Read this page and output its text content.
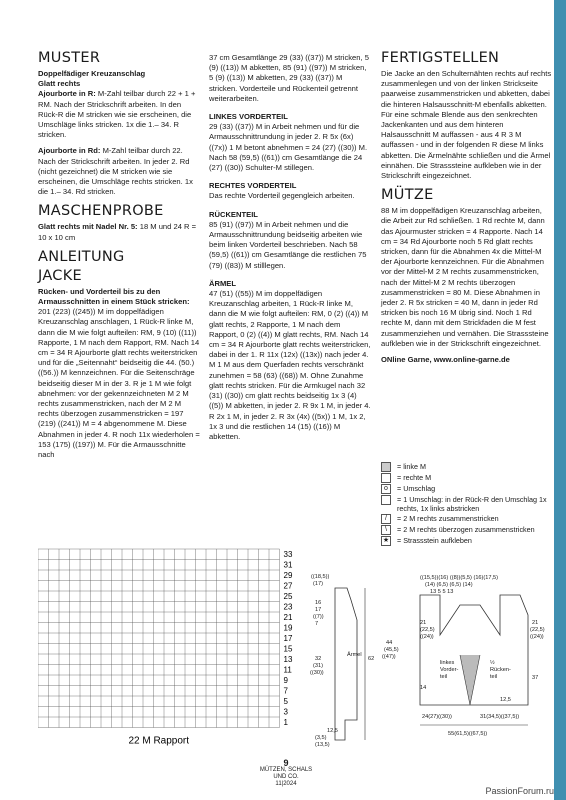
MUSTER
Doppelfädiger Kreuzanschlag
Glatt rechts

Ajourborte in R: M-Zahl teilbar durch 22 + 1 + RM. Nach der Strickschrift arbeiten. In den Rück-R die M stricken wie sie erscheinen, die Umschläge links stricken. 1x die 1.– 34. R stricken.

Ajourborte in Rd: M-Zahl teilbar durch 22. Nach der Strickschrift arbeiten. In jeder 2. Rd (nicht gezeichnet) die M stricken wie sie erscheinen, die Umschläge rechts stricken. 1x die 1.– 34. Rd stricken.

MASCHENPROBE

Glatt rechts mit Nadel Nr. 5: 18 M und 24 R = 10 x 10 cm

ANLEITUNG
JACKE
Rücken- und Vorderteil bis zu den Armausschnitten in einem Stück stricken:

201 (223) ((245)) M im doppelfädigen Kreuzanschlag anschlagen, 1 Rück-R linke M, dann die M wie folgt aufteilen: RM, 9 (10) ((11)) Rapporte, 1 M nach dem Rapport, RM. Nach 14 cm = 34 R Ajourborte glatt rechts weiterstricken und für die „Seitennaht“ beidseitig die 44. (50.) ((56.)) M kennzeichnen. Für die Seitenschräge beidseitig dieser M in der 3. R je 1 M wie folgt abnehmen: vor der gekennzeichneten M 2 M rechts zusammenstricken, nach der M 2 M rechts überzogen zusammenstricken = 197 (219) ((241)) M = 4 abgenommene M. Diese Abnahmen in jeder 4. R noch 11x wiederholen = 153 (175) ((197)) M. Für die Armausschnitte nach

37 cm Gesamtlänge 29 (33) ((37)) M stricken, 5 (9) ((13)) M abketten, 85 (91) ((97)) M stricken, 5 (9) ((13)) M abketten, 29 (33) ((37)) M stricken. Vorderteile und Rückenteil getrennt weiterarbeiten.

LINKES VORDERTEIL

29 (33) ((37)) M in Arbeit nehmen und für die Armausschnittrundung in jeder 2. R 5x (6x) ((7x)) 1 M betont abnehmen = 24 (27) ((30)) M. Nach 58 (59,5) ((61)) cm Gesamtlänge die 24 (27) ((30)) Schulter-M stillegen.

RECHTES VORDERTEIL

Das rechte Vorderteil gegengleich arbeiten.

RÜCKENTEIL

85 (91) ((97)) M in Arbeit nehmen und die Armausschnittrundung beidseitig arbeiten wie beim linken Vorderteil beschrieben. Nach 58 (59,5) ((61)) cm Gesamtlänge die restlichen 75 (79) ((83)) M stilllegen.

ÄRMEL

47 (51) ((55)) M im doppelfädigen Kreuzanschlag arbeiten, 1 Rück-R linke M, dann die M wie folgt aufteilen: RM, 0 (2) ((4)) M glatt rechts, 2 Rapporte, 1 M nach dem Rapport, 0 (2) ((4)) M glatt rechts, RM. Nach 14 cm = 34 R Ajourborte glatt rechts weiterstricken, dabei in der 1. R 11x (12x) ((13x)) nach jeder 4. M 1 M aus dem Querfaden rechts verschränkt zunehmen = 58 (63) ((68)) M. Ohne Zunahme glatt rechts stricken. Für die Armkugel nach 32 (31) ((30)) cm glatt rechts beidseitig 1x 3 (4) ((5)) M abketten, in jeder 2. R 9x 1 M, in jeder 4. R 2x 1 M, in jeder 2. R 3x (4x) ((5x)) 1 M, 1x 2, 1x 3 und die restlichen 14 (15) ((16)) M abketten.

FERTIGSTELLEN

Die Jacke an den Schulternähten rechts auf rechts zusammenlegen und von der linken Strickseite paarweise zusammenstricken und abketten, dabei die hinteren Halsausschnitt-M ebenfalls abketten. Für eine schmale Blende aus den senkrechten Jackenkanten und aus dem hinteren Halsausschnitt M auffassen - aus 4 R 3 M auffassen - und in der folgenden R diese M links abketten. Die Ärmelnähte schließen und die Ärmel einnähen. Die Strasssteine aufkleben wie in der Strickschrift eingezeichnet.

MÜTZE

88 M im doppelfädigen Kreuzanschlag arbeiten, die Arbeit zur Rd schließen. 1 Rd rechte M, dann das Ajourmuster stricken = 4 Rapporte. Nach 14 cm = 34 Rd Ajourborte noch 5 Rd glatt rechts stricken, dann für die Abnahmen 4x die Mittel-M der Ajourborte kennzeichnen. Für die Abnahmen vor der Mittel-M 2 M rechts zusammenstricken, nach der Mittel-M 2 M rechts überzogen zusammenstricken = 80 M. Diese Abnahmen in jeder 2. R 5x stricken = 40 M, dann in jeder Rd stricken bis noch 16 M übrig sind. Noch 1 Rd rechte M, dann mit dem Strickfaden die M fest zusammenziehen und vernähen. Die Strasssteine aufkleben wie in der Strickschrift eingezeichnet.

ONline Garne, www.online-garne.de

= linke M
= rechte M
o	= Umschlag
= 1 Umschlag: in der Rück-R den Umschlag 1x rechts, 1x links abstricken
/	= 2 M rechts zusammenstricken
\	= 2 M rechts überzogen zusammenstricken
★ = Strassstein aufkleben
33
31
29
27
25
23
21
19
17
15
13
11
9
7
5
3
1
22 M Rapport
((18,5))
(17)
16
17
((7))
7
32
(31)
((30))
Ärmel
62
12,5
(3,5)
(13,5)
((15,5))(16) ((8))(5,5) (16)(17,5)
(14) (6,5) (6,5) (14)
13 5 5 13
44
(45,5)
((47))
21
(22,5)
((24))
linkes
Vorder-
teil
½
Rücken-
teil
21
(22,5)
((24))
37
14
12,5
24(27)((30))	31(34,5)((37,5))
55(61,5)((67,5))
9
MÜTZEN, SCHALS
UND CO.
11|2024
PassionForum.ru
